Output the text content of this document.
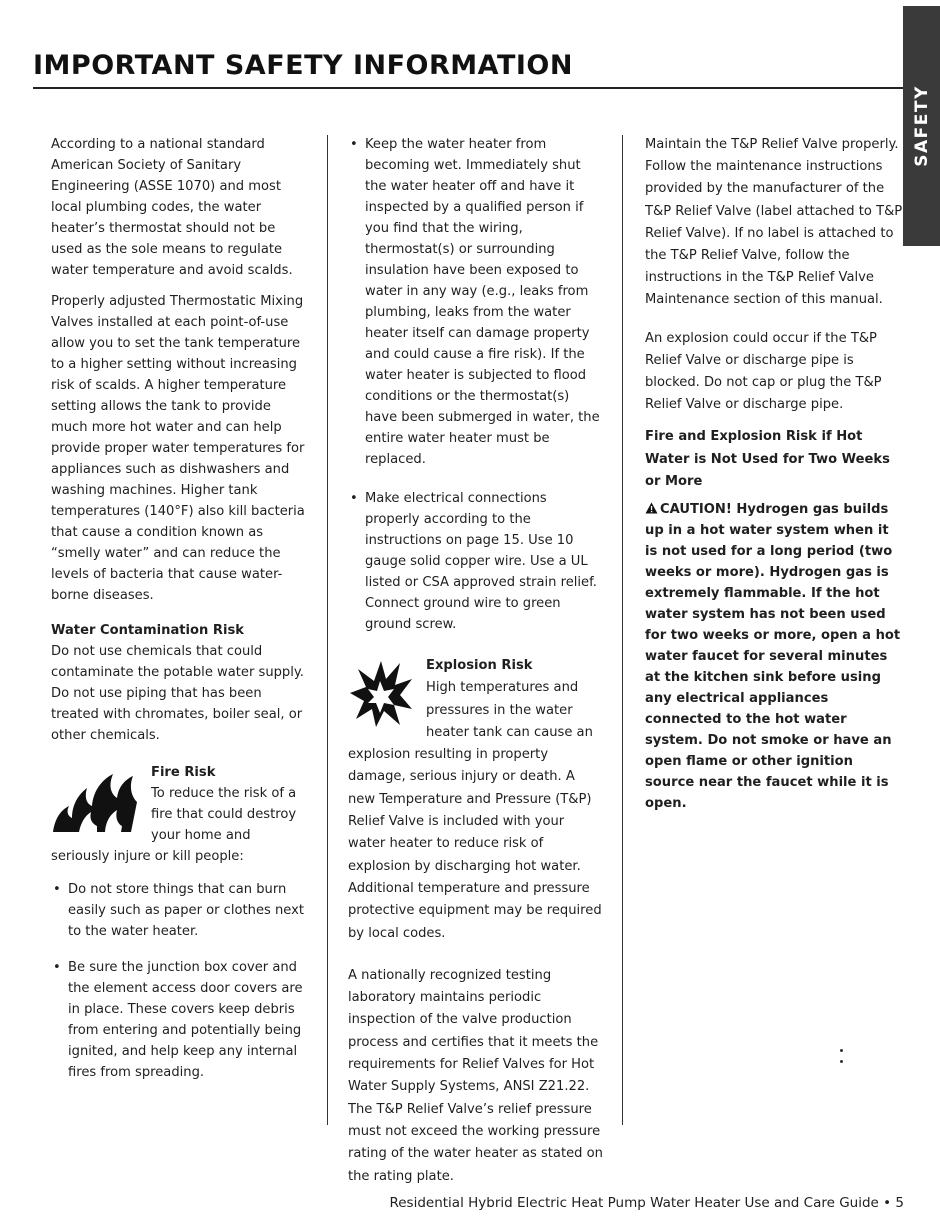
IMPORTANT SAFETY INFORMATION
SAFETY

According to a national standard American Society of Sanitary Engineering (ASSE 1070) and most local plumbing codes, the water heater’s thermostat should not be used as the sole means to regulate water temperature and avoid scalds.

Properly adjusted Thermostatic Mixing Valves installed at each point-of-use allow you to set the tank temperature to a higher setting without increasing risk of scalds. A higher temperature setting allows the tank to provide much more hot water and can help provide proper water temperatures for appliances such as dishwashers and washing machines. Higher tank temperatures (140°F) also kill bacteria that cause a condition known as “smelly water” and can reduce the levels of bacteria that cause water-borne diseases.

Water Contamination Risk
Do not use chemicals that could contaminate the potable water supply. Do not use piping that has been treated with chromates, boiler seal, or other chemicals.

Fire Risk
To reduce the risk of a fire that could destroy your home and seriously injure or kill people:
• Do not store things that can burn easily such as paper or clothes next to the water heater.
• Be sure the junction box cover and the element access door covers are in place. These covers keep debris from entering and potentially being ignited, and help keep any internal fires from spreading.
• Keep the water heater from becoming wet. Immediately shut the water heater off and have it inspected by a qualified person if you find that the wiring, thermostat(s) or surrounding insulation have been exposed to water in any way (e.g., leaks from plumbing, leaks from the water heater itself can damage property and could cause a fire risk). If the water heater is subjected to flood conditions or the thermostat(s) have been submerged in water, the entire water heater must be replaced.
• Make electrical connections properly according to the instructions on page 15. Use 10 gauge solid copper wire. Use a UL listed or CSA approved strain relief. Connect ground wire to green ground screw.
Explosion Risk
High temperatures and pressures in the water heater tank can cause an explosion resulting in property damage, serious injury or death. A new Temperature and Pressure (T&P) Relief Valve is included with your water heater to reduce risk of explosion by discharging hot water. Additional temperature and pressure protective equipment may be required by local codes.

A nationally recognized testing laboratory maintains periodic inspection of the valve production process and certifies that it meets the requirements for Relief Valves for Hot Water Supply Systems, ANSI Z21.22. The T&P Relief Valve’s relief pressure must not exceed the working pressure rating of the water heater as stated on the rating plate.

Maintain the T&P Relief Valve properly. Follow the maintenance instructions provided by the manufacturer of the T&P Relief Valve (label attached to T&P Relief Valve). If no label is attached to the T&P Relief Valve, follow the instructions in the T&P Relief Valve Maintenance section of this manual.

An explosion could occur if the T&P Relief Valve or discharge pipe is blocked. Do not cap or plug the T&P Relief Valve or discharge pipe.

Fire and Explosion Risk if Hot Water is Not Used for Two Weeks or More

CAUTION! Hydrogen gas builds up in a hot water system when it is not used for a long period (two weeks or more). Hydrogen gas is extremely flammable. If the hot water system has not been used for two weeks or more, open a hot water faucet for several minutes at the kitchen sink before using any electrical appliances connected to the hot water system. Do not smoke or have an open flame or other ignition source near the faucet while it is open.

Residential Hybrid Electric Heat Pump Water Heater Use and Care Guide • 5
